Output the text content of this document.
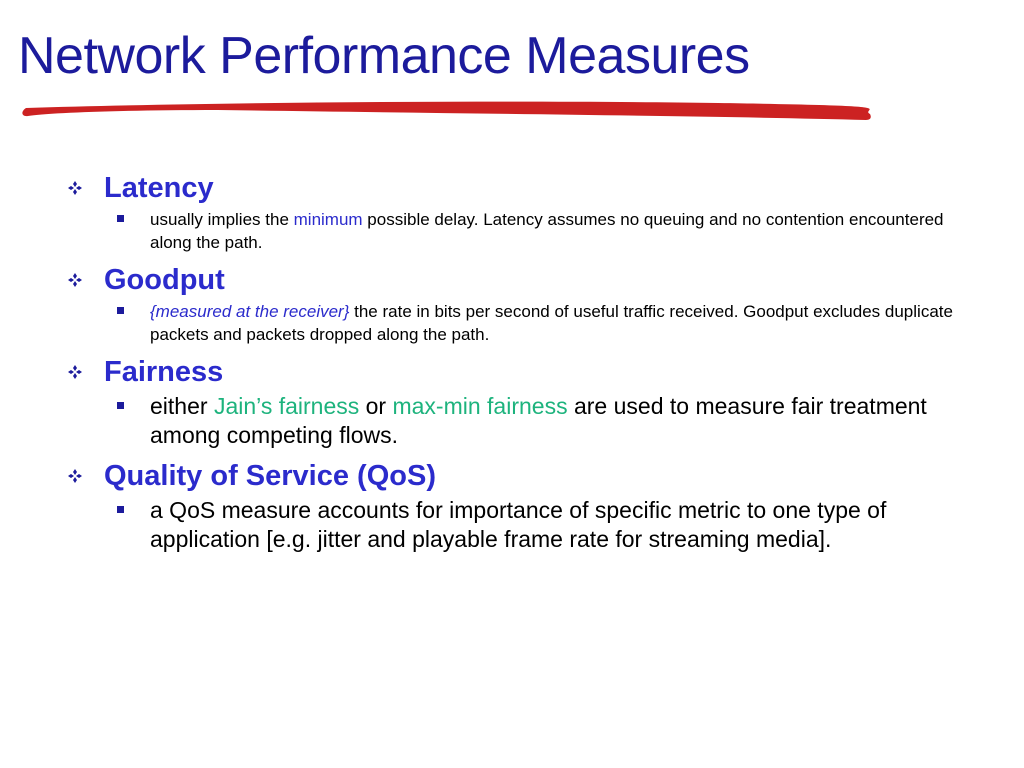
Network Performance Measures
Latency
usually implies the minimum possible delay. Latency assumes no queuing and no contention encountered along the path.
Goodput
{measured at the receiver} the rate in bits per second of useful traffic received. Goodput excludes duplicate packets and packets dropped along the path.
Fairness
either Jain’s fairness or max-min fairness are used to measure fair treatment among competing flows.
Quality of Service (QoS)
a QoS measure accounts for importance of specific metric to one type of application [e.g. jitter and playable frame rate for streaming media].
